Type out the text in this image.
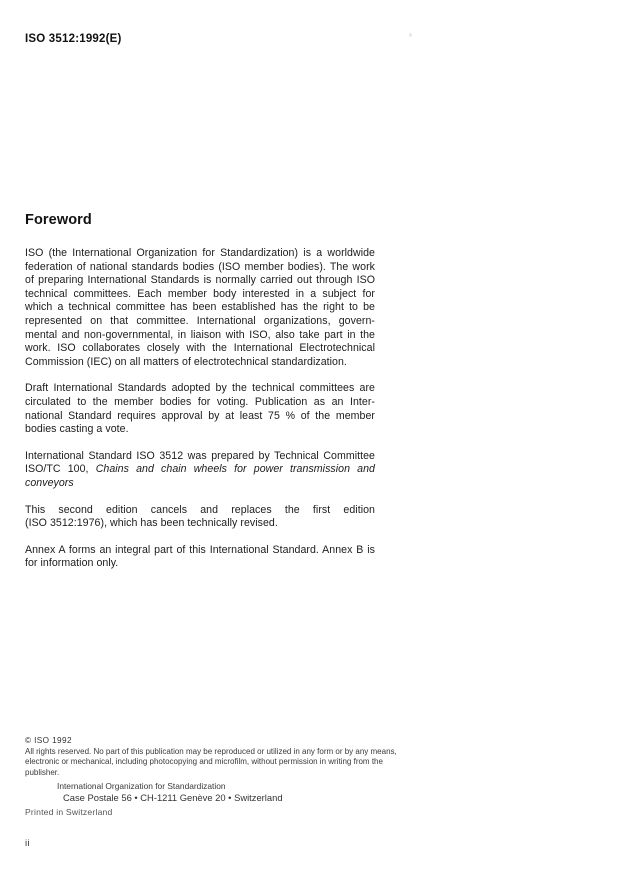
ISO 3512:1992(E)
Foreword

ISO (the International Organization for Standardization) is a worldwide federation of national standards bodies (ISO member bodies). The work of preparing International Standards is normally carried out through ISO technical committees. Each member body interested in a subject for which a technical committee has been established has the right to be represented on that committee. International organizations, govern-mental and non-governmental, in liaison with ISO, also take part in the work. ISO collaborates closely with the International Electrotechnical Commission (IEC) on all matters of electrotechnical standardization.

Draft International Standards adopted by the technical committees are circulated to the member bodies for voting. Publication as an Inter-national Standard requires approval by at least 75 % of the member bodies casting a vote.

International Standard ISO 3512 was prepared by Technical Committee ISO/TC 100, Chains and chain wheels for power transmission and conveyors

This second edition cancels and replaces the first edition
(ISO 3512:1976), which has been technically revised.

Annex A forms an integral part of this International Standard. Annex B is for information only.

© ISO 1992
All rights reserved. No part of this publication may be reproduced or utilized in any form or by any means, electronic or mechanical, including photocopying and microfilm, without permission in writing from the publisher.
International Organization for Standardization
Case Postale 56 • CH-1211 Genève 20 • Switzerland
Printed in Switzerland
ii
